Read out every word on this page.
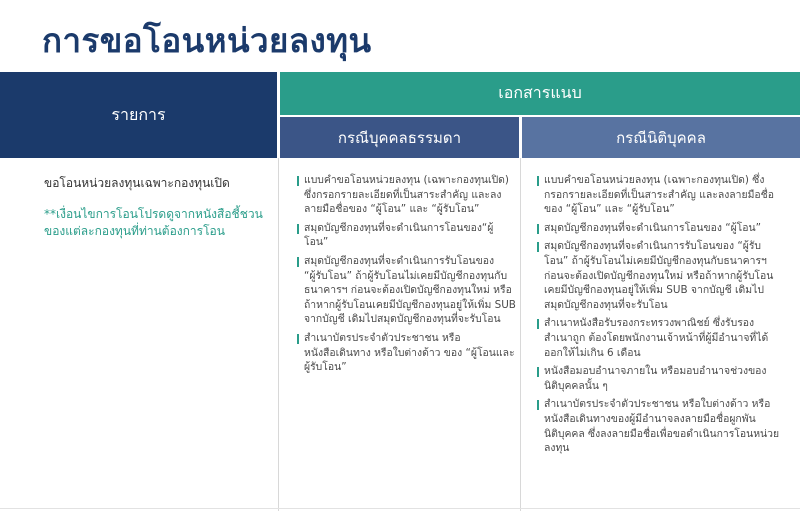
การขอโอนหน่วยลงทุน
รายการ
เอกสารแนบ
กรณีบุคคลธรรมดา	กรณีนิติบุคคล
ขอโอนหน่วยลงทุนเฉพาะกองทุนเปิด
**เงื่อนไขการโอนโปรดดูจากหนังสือชี้ชวนของแต่ละกองทุนที่ท่านต้องการโอน
แบบคำขอโอนหน่วยลงทุน (เฉพาะกองทุนเปิด) ซึ่งกรอกรายละเอียดที่เป็นสาระสำคัญ และลงลายมือชื่อของ “ผู้โอน” และ “ผู้รับโอน”
สมุดบัญชีกองทุนที่จะดำเนินการโอนของ“ผู้โอน”
สมุดบัญชีกองทุนที่จะดำเนินการรับโอนของ “ผู้รับโอน” ถ้าผู้รับโอนไม่เคยมีบัญชีกองทุนกับธนาคารฯ ก่อนจะต้องเปิดบัญชีกองทุนใหม่ หรือถ้าหากผู้รับโอนเคยมีบัญชีกองทุนอยู่ให้เพิ่ม SUB จากบัญชี เดิมไปสมุดบัญชีกองทุนที่จะรับโอน
สำเนาบัตรประจำตัวประชาชน หรือหนังสือเดินทาง หรือใบต่างด้าว ของ “ผู้โอนและผู้รับโอน”
แบบคำขอโอนหน่วยลงทุน (เฉพาะกองทุนเปิด) ซึ่งกรอกรายละเอียดที่เป็นสาระสำคัญ และลงลายมือชื่อของ “ผู้โอน” และ “ผู้รับโอน”
สมุดบัญชีกองทุนที่จะดำเนินการโอนของ “ผู้โอน”
สมุดบัญชีกองทุนที่จะดำเนินการรับโอนของ “ผู้รับโอน” ถ้าผู้รับโอนไม่เคยมีบัญชีกองทุนกับธนาคารฯ ก่อนจะต้องเปิดบัญชีกองทุนใหม่ หรือถ้าหากผู้รับโอนเคยมีบัญชีกองทุนอยู่ให้เพิ่ม SUB จากบัญชี เดิมไปสมุดบัญชีกองทุนที่จะรับโอน
สำเนาหนังสือรับรองกระทรวงพาณิชย์ ซึ่งรับรองสำเนาถูก ต้องโดยพนักงานเจ้าหน้าที่ผู้มีอำนาจที่ได้ออกให้ไม่เกิน 6 เดือน
หนังสือมอบอำนาจภายใน หรือมอบอำนาจช่วงของนิติบุคคลนั้น ๆ
สำเนาบัตรประจำตัวประชาชน หรือใบต่างด้าว หรือหนังสือเดินทางของผู้มีอำนาจลงลายมือชื่อผูกพันนิติบุคคล ซึ่งลงลายมือชื่อเพื่อขอดำเนินการโอนหน่วยลงทุน
